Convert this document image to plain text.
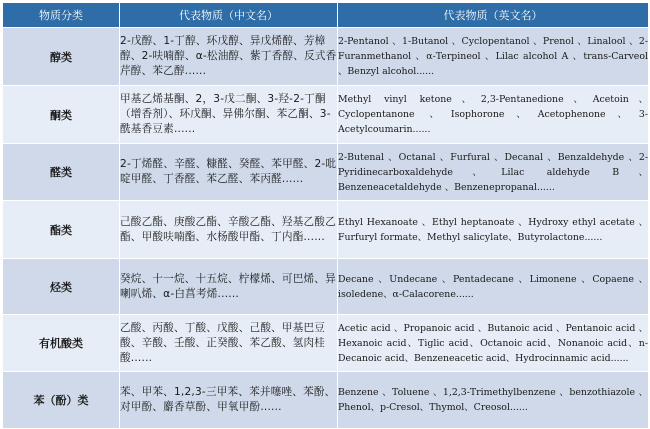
物质分类	代表物质（中文名）	代表物质（英文名）
醇类	2-戊醇、1-丁醇、环戊醇、异戊烯醇、芳樟醇、2-呋喃醇、α-松油醇、紫丁香醇、反式香芹醇、苯乙醇......	2-Pentanol 、1-Butanol 、Cyclopentanol 、Prenol 、Linalool 、2-Furanmethanol 、α-Terpineol 、Lilac alcohol A 、trans-Carveol 、Benzyl alcohol......
酮类	甲基乙烯基酮、2，3-戊二酮、3-羟-2-丁酮（增香剂）、环戊酮、异佛尔酮、苯乙酮、3-酰基香豆素......	Methyl vinyl ketone、2,3-Pentanedione、Acetoin、Cyclopentanone 、Isophorone、Acetophenone、3-Acetylcoumarin......
醛类	2-丁烯醛、辛醛、糠醛、癸醛、苯甲醛、2-吡啶甲醛、丁香醛、苯乙醛、苯丙醛......	2-Butenal 、Octanal 、Furfural 、Decanal 、Benzaldehyde 、2-Pyridinecarboxaldehyde、Lilac aldehyde B、Benzeneacetaldehyde 、Benzenepropanal......
酯类	己酸乙酯、庚酸乙酯、辛酸乙酯、羟基乙酸乙酯、甲酸呋喃酯、水杨酸甲酯、丁内酯......	Ethyl Hexanoate 、Ethyl heptanoate 、Hydroxy ethyl acetate 、Furfuryl formate、Methyl salicylate、Butyrolactone......
烃类	癸烷、十一烷、十五烷、柠檬烯、可巴烯、异喇叭烯、α-白菖考烯......	Decane 、Undecane 、Pentadecane 、Limonene 、Copaene 、isoledene、α-Calacorene......
有机酸类	乙酸、丙酸、丁酸、戊酸、己酸、甲基巴豆酸、辛酸、壬酸、正癸酸、苯乙酸、氢肉桂酸......	Acetic acid 、Propanoic acid 、Butanoic acid 、Pentanoic acid 、Hexanoic acid、Tiglic acid、Octanoic acid、Nonanoic acid、n-Decanoic acid、Benzeneacetic acid、Hydrocinnamic acid......
苯（酚）类	苯、甲苯、1,2,3-三甲苯、苯并噻唑、苯酚、对甲酚、麝香草酚、甲氧甲酚......	Benzene 、Toluene 、1,2,3-Trimethylbenzene 、benzothiazole 、Phenol、p-Cresol、Thymol、Creosol......
